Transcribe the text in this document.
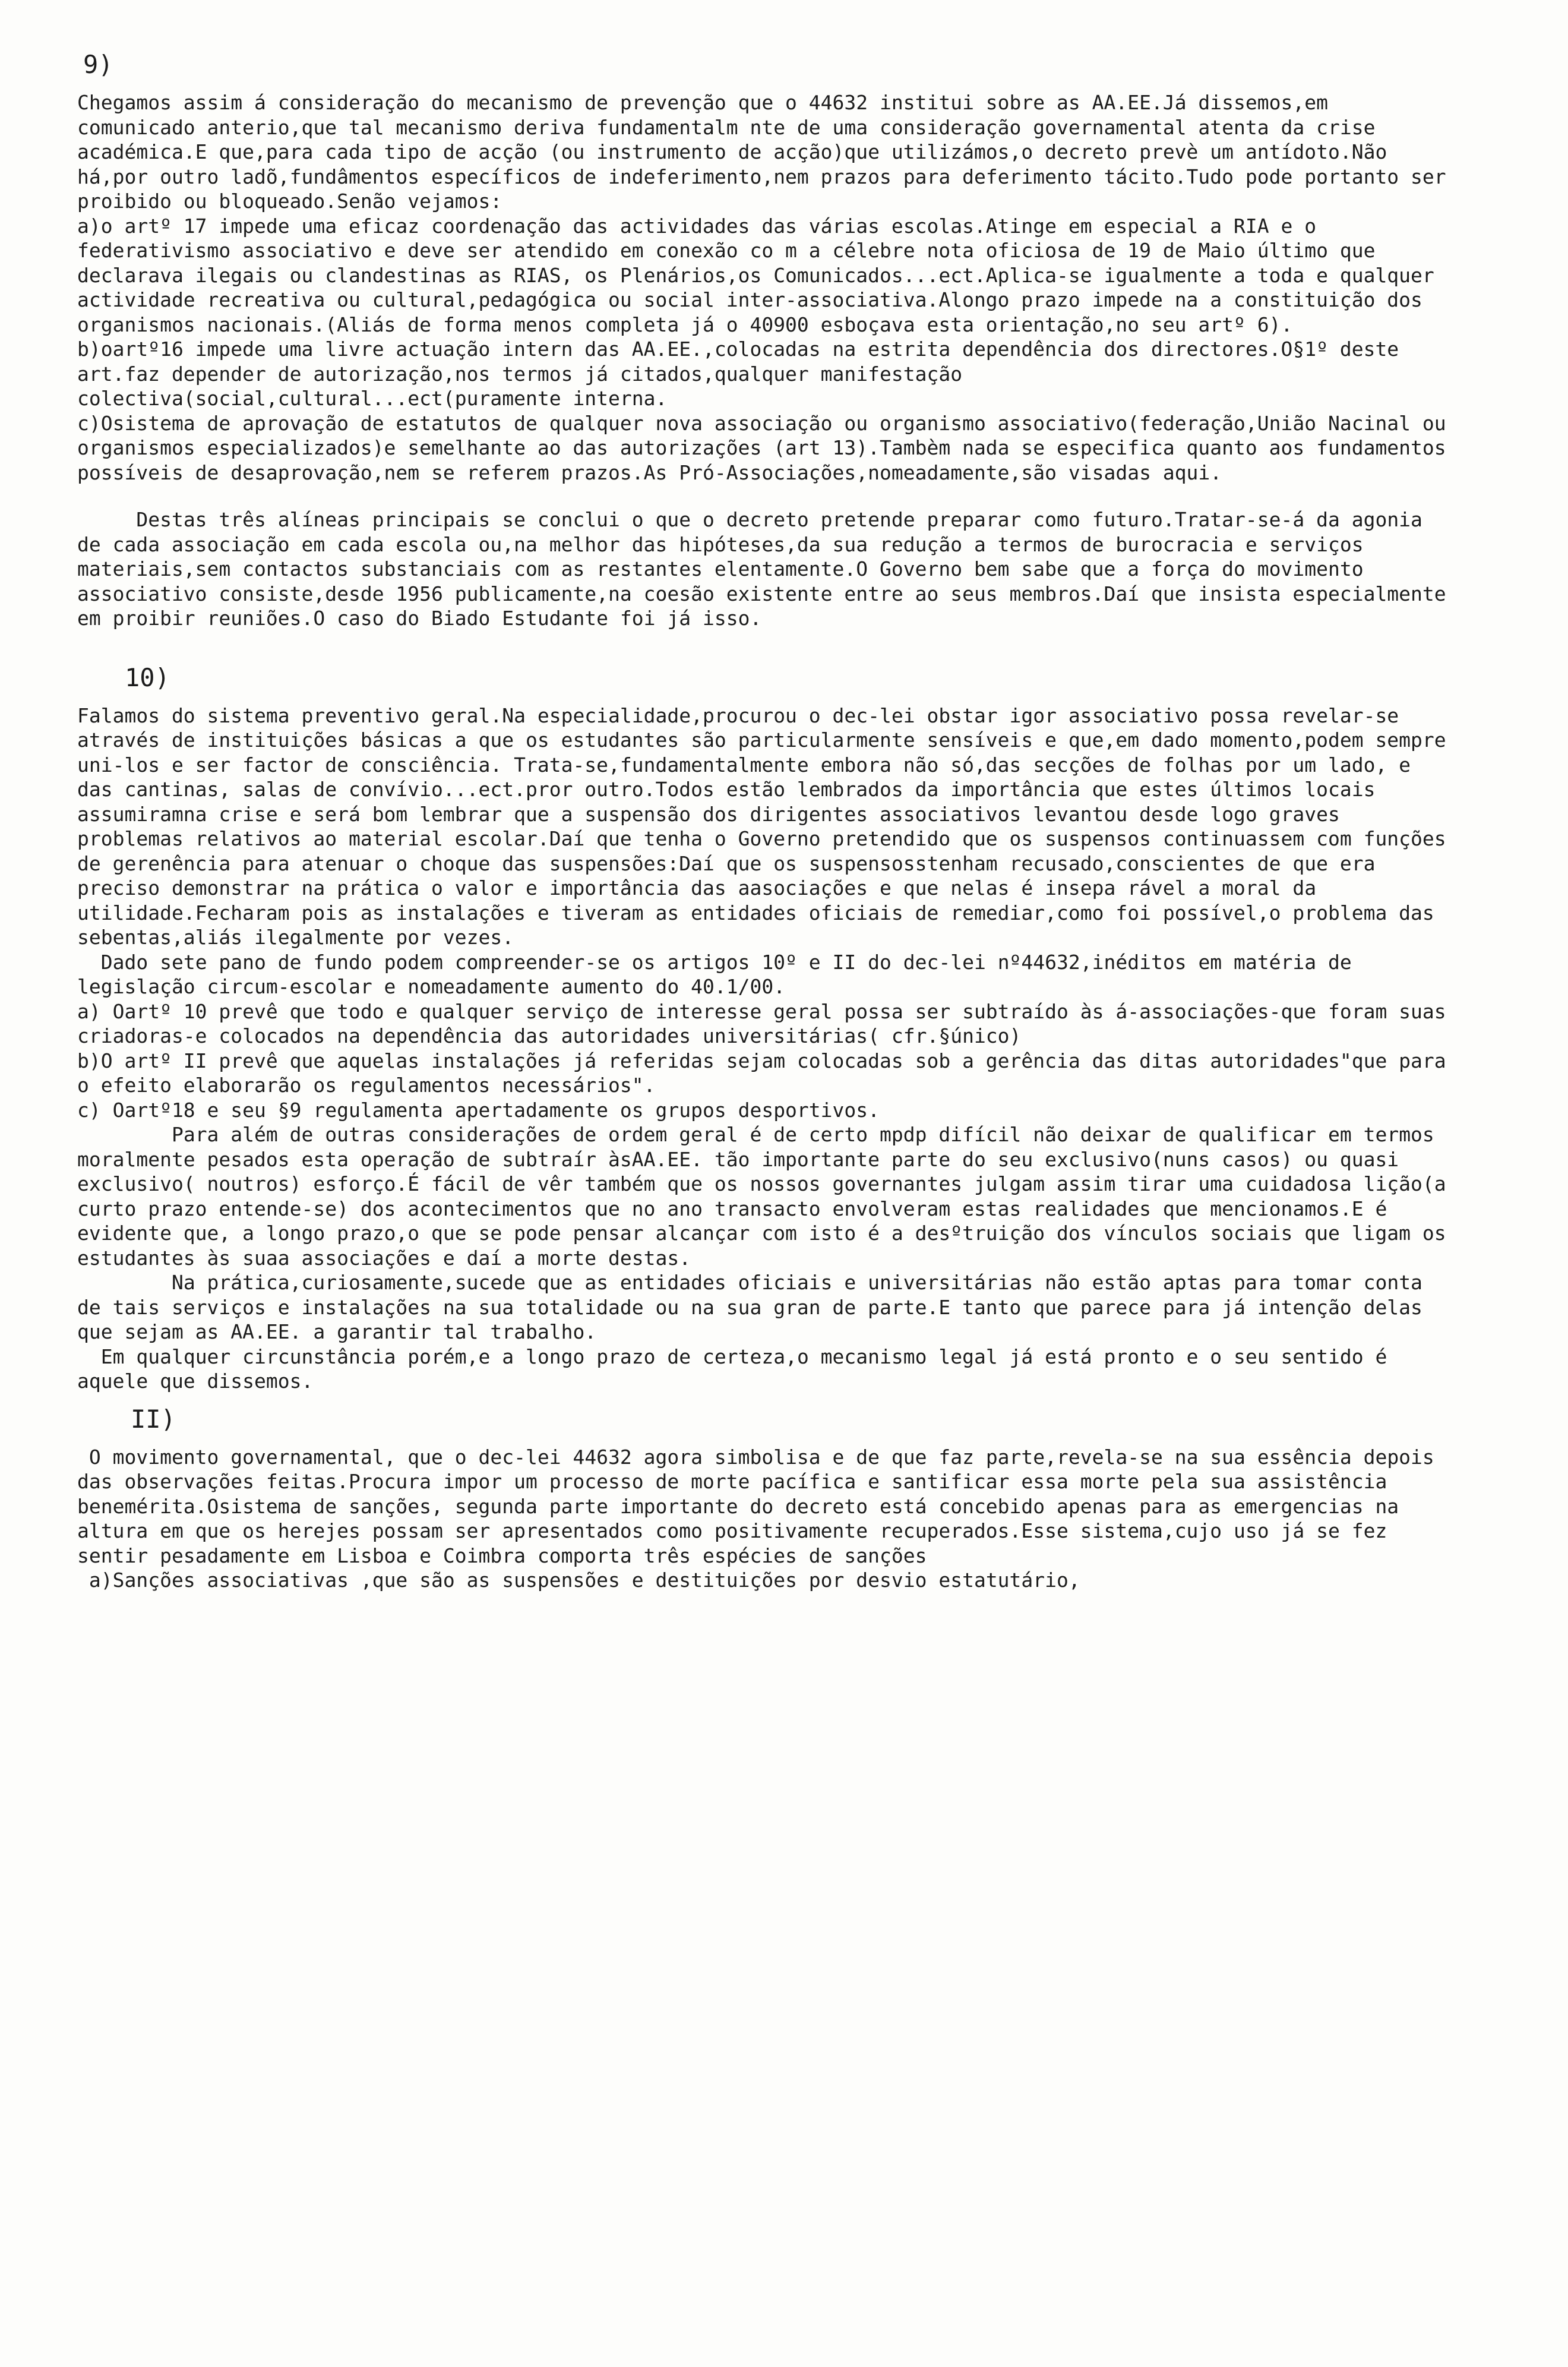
9)

Chegamos assim á consideração do mecanismo de prevenção que o 44632 institui sobre as AA.EE.Já dissemos,em comunicado anterio,que tal mecanismo deriva fundamentalm nte de uma consideração governamental atenta da crise académica.E que,para cada tipo de acção (ou instrumento de acção)que utilizámos,o decreto prevè um antídoto.Não há,por outro ladõ,fundâmentos específicos de indeferimento,nem prazos para deferimento tácito.Tudo pode portanto ser proibido ou bloqueado.Senão vejamos:
a)o artº 17 impede uma eficaz coordenação das actividades das várias escolas.Atinge em especial a RIA e o federativismo associativo e deve ser atendido em conexão co m a célebre nota oficiosa de 19 de Maio último que declarava ilegais ou clandestinas as RIAS, os Plenários,os Comunicados...ect.Aplica-se igualmente a toda e qualquer actividade recreativa ou cultural,pedagógica ou social inter-associativa.Alongo prazo impede na a constituição dos organismos nacionais.(Aliás de forma menos completa já o 40900 esboçava esta orientação,no seu artº 6).
b)oartº16 impede uma livre actuação intern das AA.EE.,colocadas na estrita dependência dos directores.O§1º deste art.faz depender de autorização,nos termos já citados,qualquer manifestação colectiva(social,cultural...ect(puramente interna.
c)Osistema de aprovação de estatutos de qualquer nova associação ou organismo associativo(federação,União Nacinal ou organismos especializados)e semelhante ao das autorizações (art 13).Tambèm nada se especifica quanto aos fundamentos possíveis de desaprovação,nem se referem prazos.As Pró-Associações,nomeadamente,são visadas aqui.

Destas três alíneas principais se conclui o que o decreto pretende preparar como futuro.Tratar-se-á da agonia de cada associação em cada escola ou,na melhor das hipóteses,da sua redução a termos de burocracia e serviços materiais,sem contactos substanciais com as restantes elentamente.O Governo bem sabe que a força do movimento associativo consiste,desde 1956 publicamente,na coesão existente entre ao seus membros.Daí que insista especialmente em proibir reuniões.O caso do Biado Estudante foi já isso.

10)

Falamos do sistema preventivo geral.Na especialidade,procurou o dec-lei obstar igor associativo possa revelar-se através de instituições básicas a que os estudantes são particularmente sensíveis e que,em dado momento,podem sempre uni-los e ser factor de consciência. Trata-se,fundamentalmente embora não só,das secções de folhas por um lado, e das cantinas, salas de convívio...ect.pror outro.Todos estão lembrados da importância que estes últimos locais assumiramna crise e será bom lembrar que a suspensão dos dirigentes associativos levantou desde logo graves problemas relativos ao material escolar.Daí que tenha o Governo pretendido que os suspensos continuassem com funções de gerenência para atenuar o choque das suspensões:Daí que os suspensosstenham recusado,conscientes de que era preciso demonstrar na prática o valor e importância das aasociações e que nelas é insepa rável a moral da utilidade.Fecharam pois as instalações e tiveram as entidades oficiais de remediar,como foi possível,o problema das sebentas,aliás ilegalmente por vezes.
Dado sete pano de fundo podem compreender-se os artigos 10º e II do dec-lei nº44632,inéditos em matéria de legislação circum-escolar e nomeadamente aumento do 40.1/00.
a) Oartº 10 prevê que todo e qualquer serviço de interesse geral possa ser subtraído às á-associações-que foram suas criadoras-e colocados na dependência das autoridades universitárias( cfr.§único)
b)O artº II prevê que aquelas instalações já referidas sejam colocadas sob a gerência das ditas autoridades"que para o efeito elaborarão os regulamentos necessários".
c) Oartº18 e seu §9 regulamenta apertadamente os grupos desportivos.

Para além de outras considerações de ordem geral é de certo mpdp difícil não deixar de qualificar em termos moralmente pesados esta operação de subtraír àsAA.EE. tão importante parte do seu exclusivo(nuns casos) ou quasi exclusivo( noutros) esforço.É fácil de vêr também que os nossos governantes julgam assim tirar uma cuidadosa lição(a curto prazo entende-se) dos acontecimentos que no ano transacto envolveram estas realidades que mencionamos.E é evidente que, a longo prazo,o que se pode pensar alcançar com isto é a desºtruição dos vínculos sociais que ligam os estudantes às suaa associações e daí a morte destas.

Na prática,curiosamente,sucede que as entidades oficiais e universitárias não estão aptas para tomar conta de tais serviços e instalações na sua totalidade ou na sua gran de parte.E tanto que parece para já intenção delas que sejam as AA.EE. a garantir tal trabalho.

Em qualquer circunstância porém,e a longo prazo de certeza,o mecanismo legal já está pronto e o seu sentido é aquele que dissemos.

II)

O movimento governamental, que o dec-lei 44632 agora simbolisa e de que faz parte,revela-se na sua essência depois das observações feitas.Procura impor um processo de morte pacífica e santificar essa morte pela sua assistência benemérita.Osistema de sanções, segunda parte importante do decreto está concebido apenas para as emergencias na altura em que os herejes possam ser apresentados como positivamente recuperados.Esse sistema,cujo uso já se fez sentir pesadamente em Lisboa e Coimbra comporta três espécies de sanções
a)Sanções associativas ,que são as suspensões e destituições por desvio estatutário,
